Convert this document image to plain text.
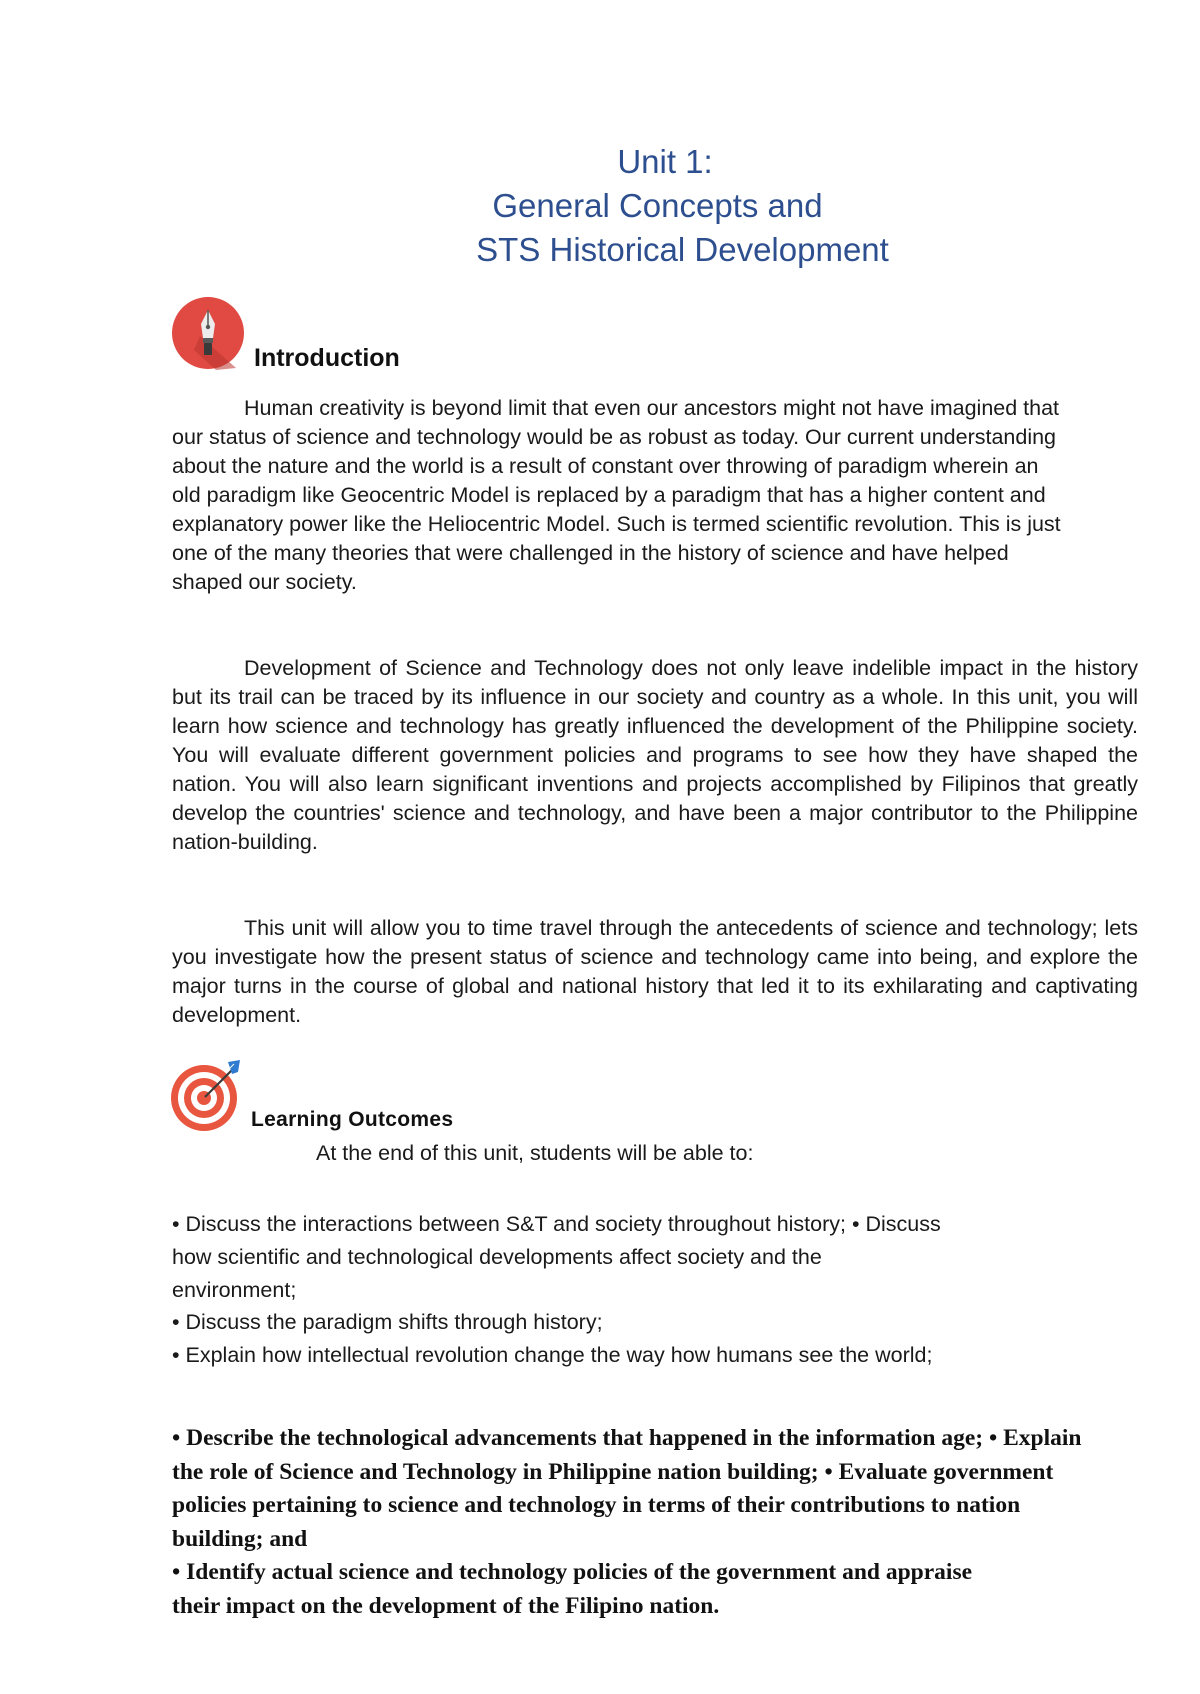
Unit 1:
General Concepts and
STS Historical Development
Introduction
Human creativity is beyond limit that even our ancestors might not have imagined that our status of science and technology would be as robust as today. Our current understanding about the nature and the world is a result of constant over throwing of paradigm wherein an old paradigm like Geocentric Model is replaced by a paradigm that has a higher content and explanatory power like the Heliocentric Model. Such is termed scientific revolution. This is just one of the many theories that were challenged in the history of science and have helped shaped our society.
Development of Science and Technology does not only leave indelible impact in the history but its trail can be traced by its influence in our society and country as a whole. In this unit, you will learn how science and technology has greatly influenced the development of the Philippine society. You will evaluate different government policies and programs to see how they have shaped the nation. You will also learn significant inventions and projects accomplished by Filipinos that greatly develop the countries' science and technology, and have been a major contributor to the Philippine nation-building.
This unit will allow you to time travel through the antecedents of science and technology; lets you investigate how the present status of science and technology came into being, and explore the major turns in the course of global and national history that led it to its exhilarating and captivating development.
Learning Outcomes
At the end of this unit, students will be able to:
• Discuss the interactions between S&T and society throughout history; • Discuss
how scientific and technological developments affect society and the
environment;
• Discuss the paradigm shifts through history;
• Explain how intellectual revolution change the way how humans see the world;
• Describe the technological advancements that happened in the information age; • Explain
the role of Science and Technology in Philippine nation building; • Evaluate government
policies pertaining to science and technology in terms of their contributions to nation
building; and
• Identify actual science and technology policies of the government and appraise
their impact on the development of the Filipino nation.
